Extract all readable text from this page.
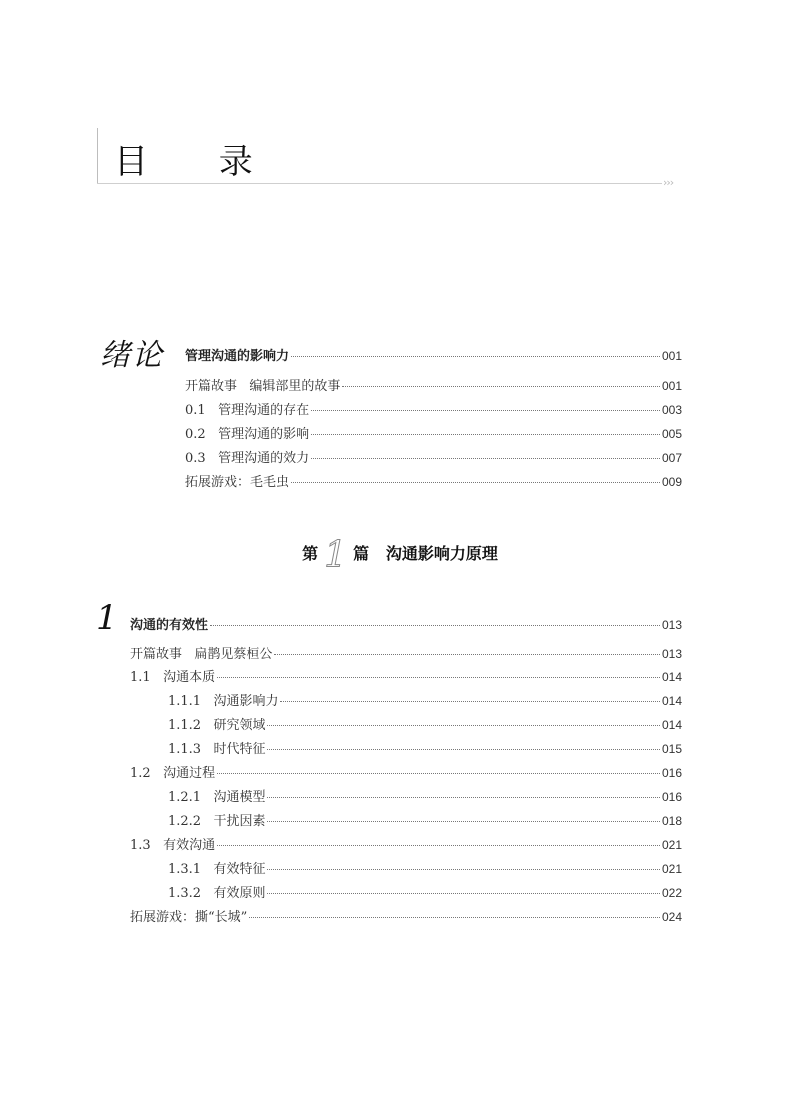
目 录
›››
绪论 管理沟通的影响力	001
开篇故事   编辑部里的故事	001
0.1   管理沟通的存在	003
0.2   管理沟通的影响	005
0.3   管理沟通的效力	007
拓展游戏：毛毛虫	009
第 1 篇 沟通影响力原理
1 沟通的有效性	013
开篇故事   扁鹊见蔡桓公	013
1.1   沟通本质	014
1.1.1   沟通影响力	014
1.1.2   研究领域	014
1.1.3   时代特征	015
1.2   沟通过程	016
1.2.1   沟通模型	016
1.2.2   干扰因素	018
1.3   有效沟通	021
1.3.1   有效特征	021
1.3.2   有效原则	022
拓展游戏：撕“长城”	024
